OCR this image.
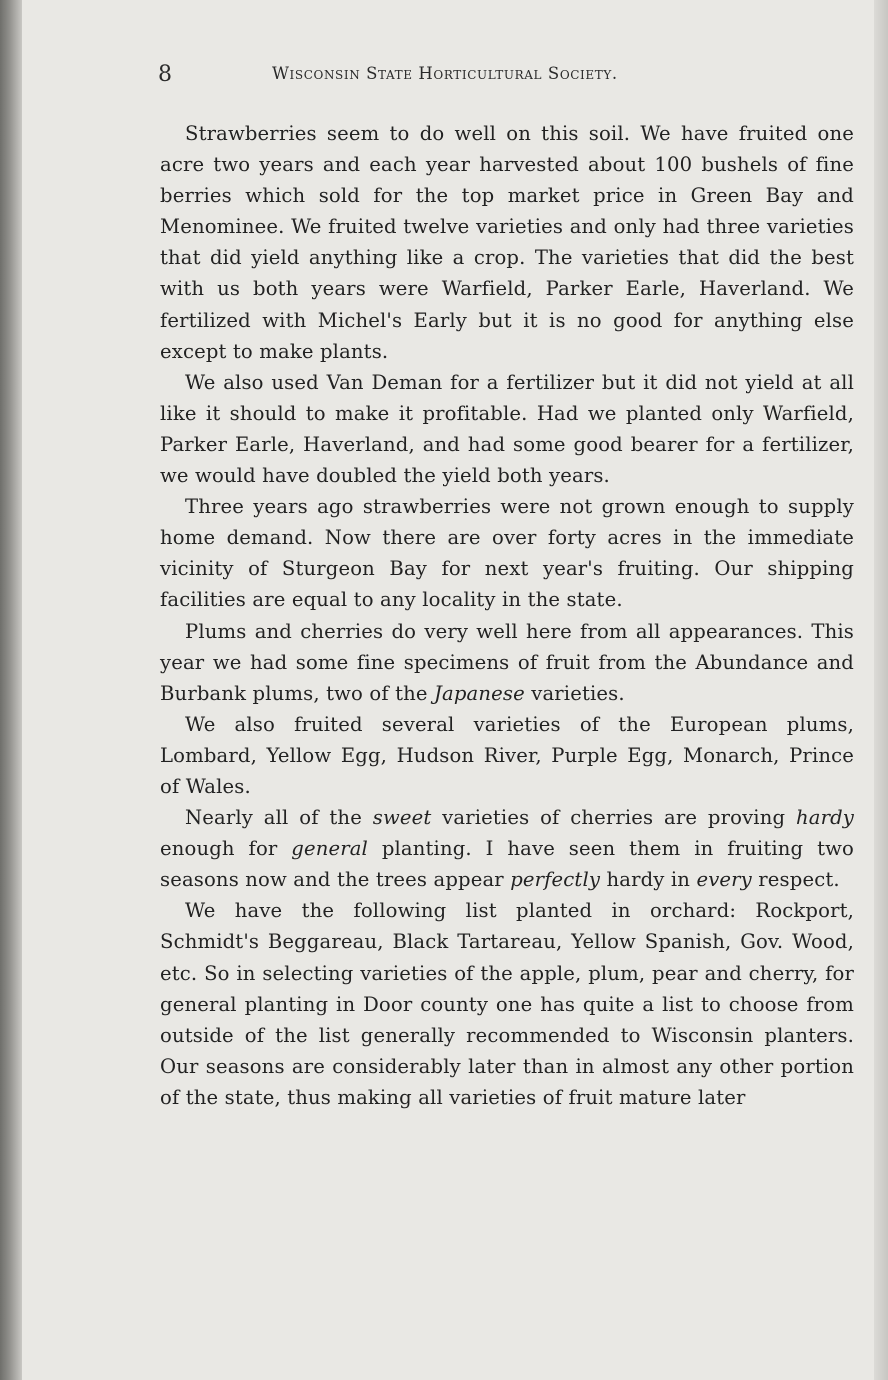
8	Wisconsin State Horticultural Society.

Strawberries seem to do well on this soil. We have fruited one acre two years and each year harvested about 100 bushels of fine berries which sold for the top market price in Green Bay and Menominee. We fruited twelve varieties and only had three varieties that did yield anything like a crop. The varieties that did the best with us both years were Warfield, Parker Earle, Haverland. We fertilized with Michel's Early but it is no good for anything else except to make plants.

We also used Van Deman for a fertilizer but it did not yield at all like it should to make it profitable. Had we planted only Warfield, Parker Earle, Haverland, and had some good bearer for a fertilizer, we would have doubled the yield both years.

Three years ago strawberries were not grown enough to supply home demand. Now there are over forty acres in the immediate vicinity of Sturgeon Bay for next year's fruiting. Our shipping facilities are equal to any locality in the state.

Plums and cherries do very well here from all appearances. This year we had some fine specimens of fruit from the Abundance and Burbank plums, two of the Japanese varieties.

We also fruited several varieties of the European plums, Lombard, Yellow Egg, Hudson River, Purple Egg, Monarch, Prince of Wales.

Nearly all of the sweet varieties of cherries are proving hardy enough for general planting. I have seen them in fruiting two seasons now and the trees appear perfectly hardy in every respect.

We have the following list planted in orchard: Rockport, Schmidt's Beggareau, Black Tartareau, Yellow Spanish, Gov. Wood, etc. So in selecting varieties of the apple, plum, pear and cherry, for general planting in Door county one has quite a list to choose from outside of the list generally recommended to Wisconsin planters. Our seasons are considerably later than in almost any other portion of the state, thus making all varieties of fruit mature later
